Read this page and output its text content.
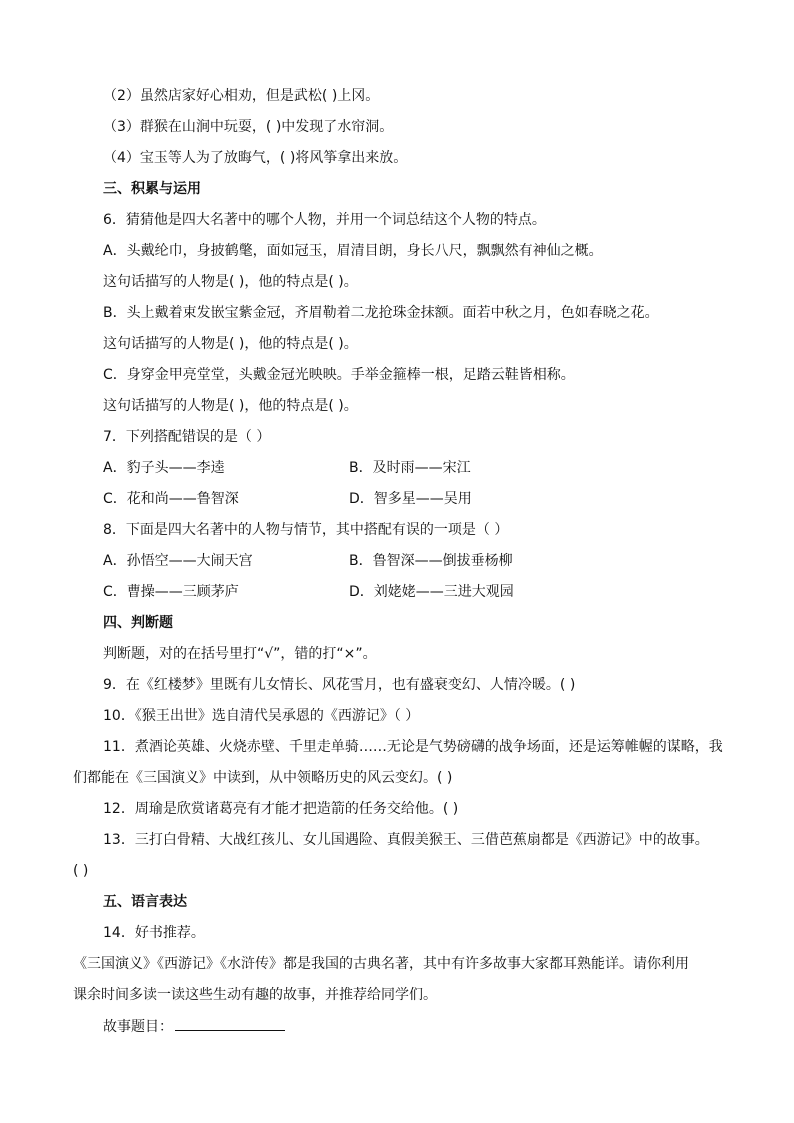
（2）虽然店家好心相劝，但是武松( )上冈。
（3）群猴在山涧中玩耍，( )中发现了水帘洞。
（4）宝玉等人为了放晦气，( )将风筝拿出来放。
三、积累与运用
6．猜猜他是四大名著中的哪个人物，并用一个词总结这个人物的特点。
A．头戴纶巾，身披鹤氅，面如冠玉，眉清目朗，身长八尺，飘飘然有神仙之概。
这句话描写的人物是( )，他的特点是( )。
B．头上戴着束发嵌宝紫金冠，齐眉勒着二龙抢珠金抹额。面若中秋之月，色如春晓之花。
这句话描写的人物是( )，他的特点是( )。
C．身穿金甲亮堂堂，头戴金冠光映映。手举金箍棒一根，足踏云鞋皆相称。
这句话描写的人物是( )，他的特点是( )。
7．下列搭配错误的是（ ）
A．豹子头——李逵	B．及时雨——宋江
C．花和尚——鲁智深	D．智多星——吴用
8．下面是四大名著中的人物与情节，其中搭配有误的一项是（ ）
A．孙悟空——大闹天宫	B．鲁智深——倒拔垂杨柳
C．曹操——三顾茅庐	D．刘姥姥——三进大观园
四、判断题
判断题，对的在括号里打“√”，错的打“×”。
9．在《红楼梦》里既有儿女情长、风花雪月，也有盛衰变幻、人情冷暖。( )
10．《猴王出世》选自清代吴承恩的《西游记》（ ）
11．煮酒论英雄、火烧赤壁、千里走单骑……无论是气势磅礴的战争场面，还是运筹帷幄的谋略，我
们都能在《三国演义》中读到，从中领略历史的风云变幻。( )
12．周瑜是欣赏诸葛亮有才能才把造箭的任务交给他。( )
13．三打白骨精、大战红孩儿、女儿国遇险、真假美猴王、三借芭蕉扇都是《西游记》中的故事。
( )
五、语言表达
14．好书推荐。
《三国演义》《西游记》《水浒传》都是我国的古典名著，其中有许多故事大家都耳熟能详。请你利用
课余时间多读一读这些生动有趣的故事，并推荐给同学们。
故事题目：
